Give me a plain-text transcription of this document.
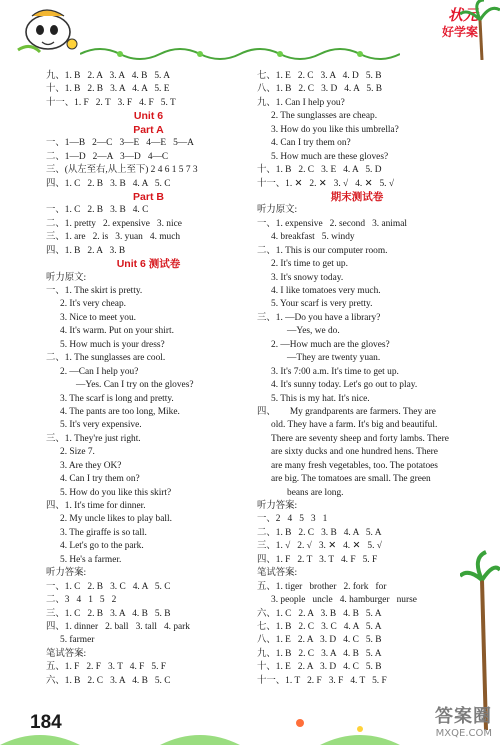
状元
好学案
九、1. B   2. A   3. A   4. B   5. A
十、1. B   2. B   3. A   4. A   5. E
十一、1. F   2. T   3. F   4. F   5. T
Unit 6
Part A
一、1—B   2—C   3—E   4—E   5—A
二、1—D   2—A   3—D   4—C
三、(从左至右,从上至下) 2 4 6 1 5 7 3
四、1. C   2. B   3. B   4. A   5. C
Part B
一、1. C   2. B   3. B   4. C
二、1. pretty   2. expensive   3. nice
三、1. are   2. is   3. yuan   4. much
四、1. B   2. A   3. B
Unit 6 测试卷
听力原文:
一、1. The skirt is pretty.
2. It's very cheap.
3. Nice to meet you.
4. It's warm. Put on your shirt.
5. How much is your dress?
二、1. The sunglasses are cool.
2. —Can I help you?
—Yes. Can I try on the gloves?
3. The scarf is long and pretty.
4. The pants are too long, Mike.
5. It's very expensive.
三、1. They're just right.
2. Size 7.
3. Are they OK?
4. Can I try them on?
5. How do you like this skirt?
四、1. It's time for dinner.
2. My uncle likes to play ball.
3. The giraffe is so tall.
4. Let's go to the park.
5. He's a farmer.
听力答案:
一、1. C   2. B   3. C   4. A   5. C
二、3   4   1   5   2
三、1. C   2. B   3. A   4. B   5. B
四、1. dinner   2. ball   3. tall   4. park
5. farmer
笔试答案:
五、1. F   2. F   3. T   4. F   5. F
六、1. B   2. C   3. A   4. B   5. C
七、1. E   2. C   3. A   4. D   5. B
八、1. B   2. C   3. D   4. A   5. B
九、1. Can I help you?
2. The sunglasses are cheap.
3. How do you like this umbrella?
4. Can I try them on?
5. How much are these gloves?
十、1. B   2. C   3. E   4. A   5. D
十一、1. ✕   2. ✕   3. √   4. ✕   5. √
期末测试卷
听力原文:
一、1. expensive   2. second   3. animal
4. breakfast   5. windy
二、1. This is our computer room.
2. It's time to get up.
3. It's snowy today.
4. I like tomatoes very much.
5. Your scarf is very pretty.
三、1. —Do you have a library?
—Yes, we do.
2. —How much are the gloves?
—They are twenty yuan.
3. It's 7:00 a.m. It's time to get up.
4. It's sunny today. Let's go out to play.
5. This is my hat. It's nice.
四、      My grandparents are farmers. They are
old. They have a farm. It's big and beautiful.
There are seventy sheep and forty lambs. There
are sixty ducks and one hundred hens. There
are many fresh vegetables, too. The potatoes
are big. The tomatoes are small. The green
beans are long.
听力答案:
一、2   4   5   3   1
二、1. B   2. C   3. B   4. A   5. A
三、1. √   2. √   3. ✕   4. ✕   5. √
四、1. F   2. T   3. T   4. F   5. F
笔试答案:
五、1. tiger   brother   2. fork   for
3. people   uncle   4. hamburger   nurse
六、1. C   2. A   3. B   4. B   5. A
七、1. B   2. C   3. C   4. A   5. A
八、1. E   2. A   3. D   4. C   5. B
九、1. B   2. C   3. A   4. B   5. A
十、1. E   2. A   3. D   4. C   5. B
十一、1. T   2. F   3. F   4. T   5. F
184	答案圈
MXQE.COM
